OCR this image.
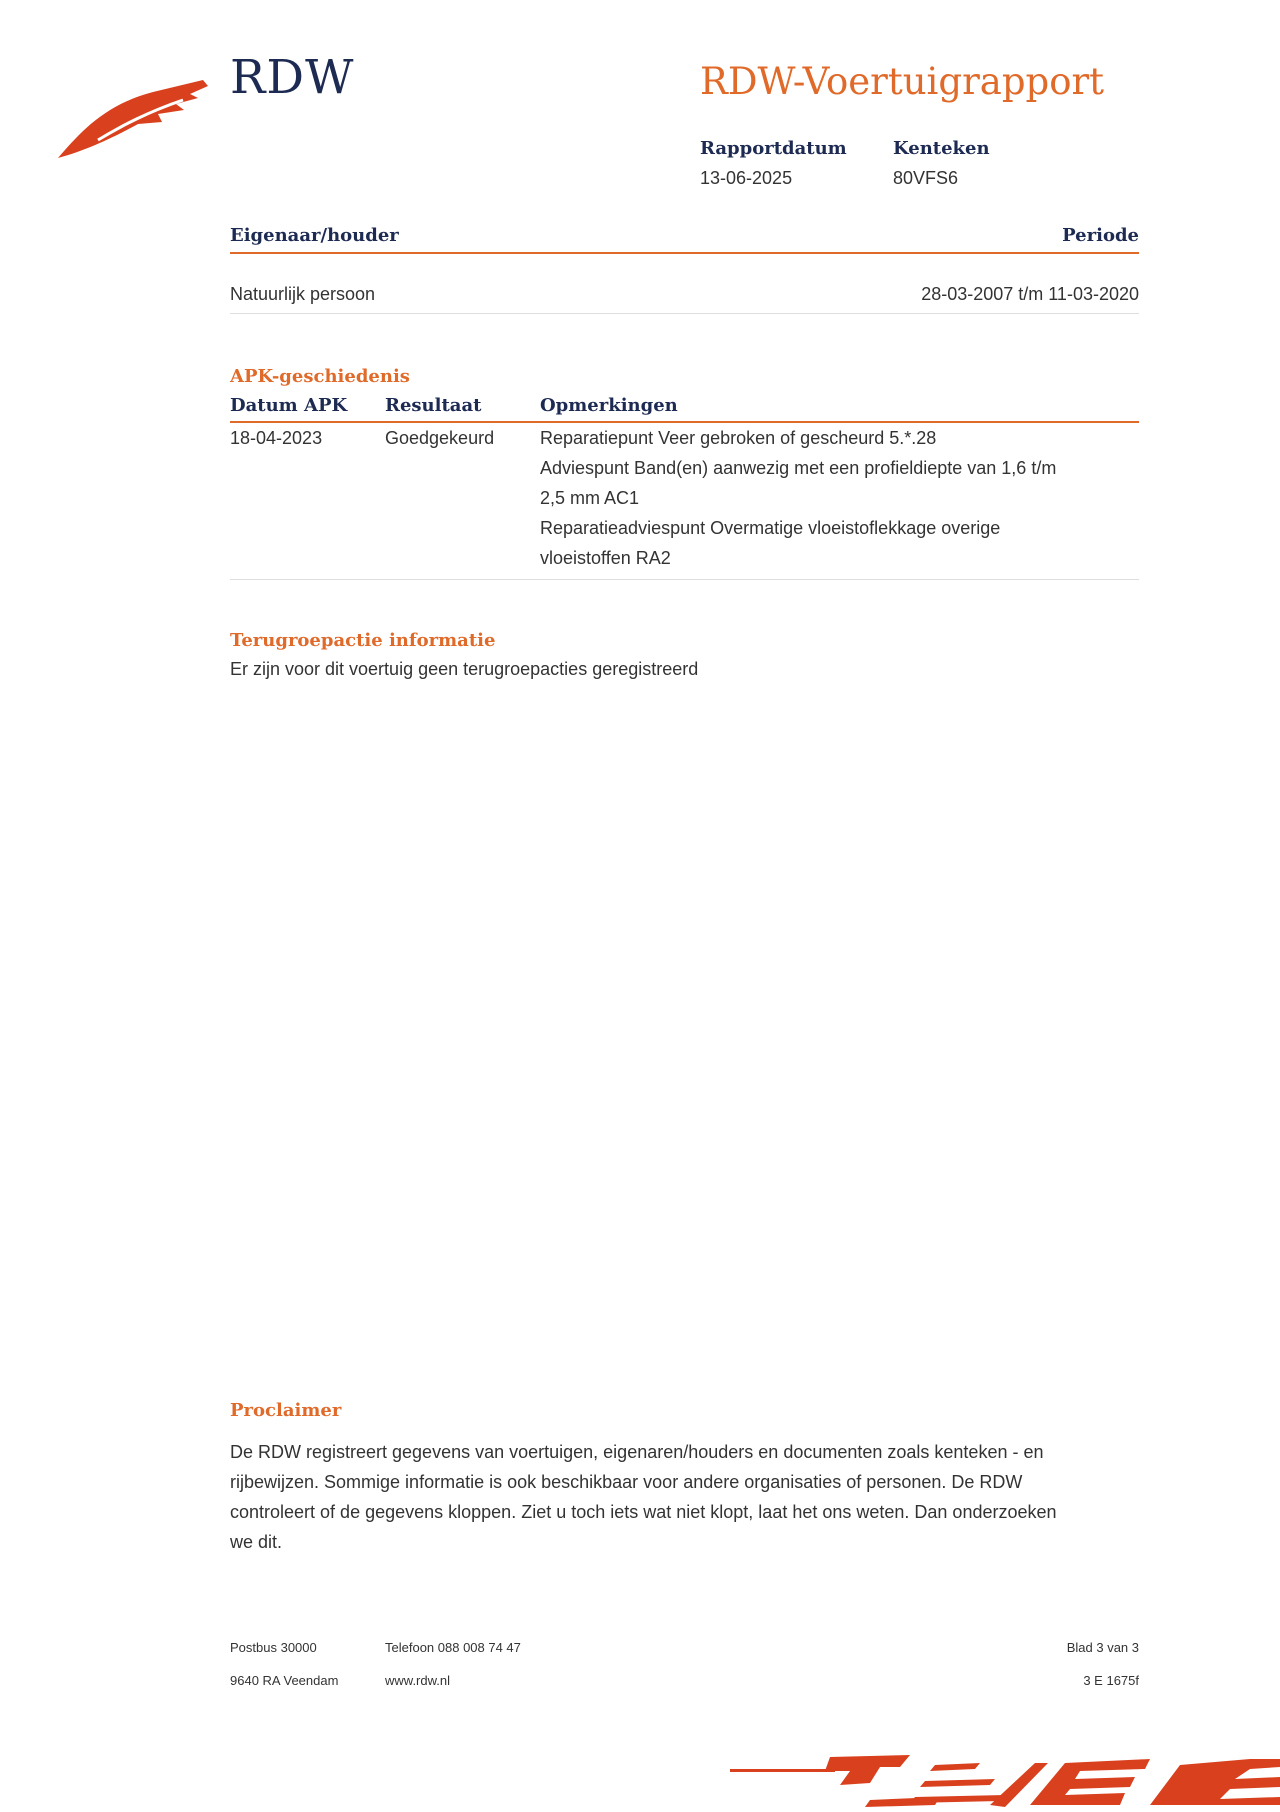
RDW	RDW-Voertuigrapport
Rapportdatum
13-06-2025
Kenteken
80VFS6
Eigenaar/houder	Periode
Natuurlijk persoon	28-03-2007 t/m 11-03-2020
APK-geschiedenis
Datum APK	Resultaat	Opmerkingen
18-04-2023	Goedgekeurd	Reparatiepunt Veer gebroken of gescheurd 5.*.28
Adviespunt Band(en) aanwezig met een profieldiepte van 1,6 t/m
2,5 mm AC1
Reparatieadviespunt Overmatige vloeistoflekkage overige
vloeistoffen RA2
Terugroepactie informatie
Er zijn voor dit voertuig geen terugroepacties geregistreerd
Proclaimer
De RDW registreert gegevens van voertuigen, eigenaren/houders en documenten zoals kenteken - en
rijbewijzen. Sommige informatie is ook beschikbaar voor andere organisaties of personen. De RDW
controleert of de gegevens kloppen. Ziet u toch iets wat niet klopt, laat het ons weten. Dan onderzoeken
we dit.
Postbus 30000
9640 RA Veendam
Telefoon 088 008 74 47
www.rdw.nl
Blad 3 van 3
3 E 1675f
